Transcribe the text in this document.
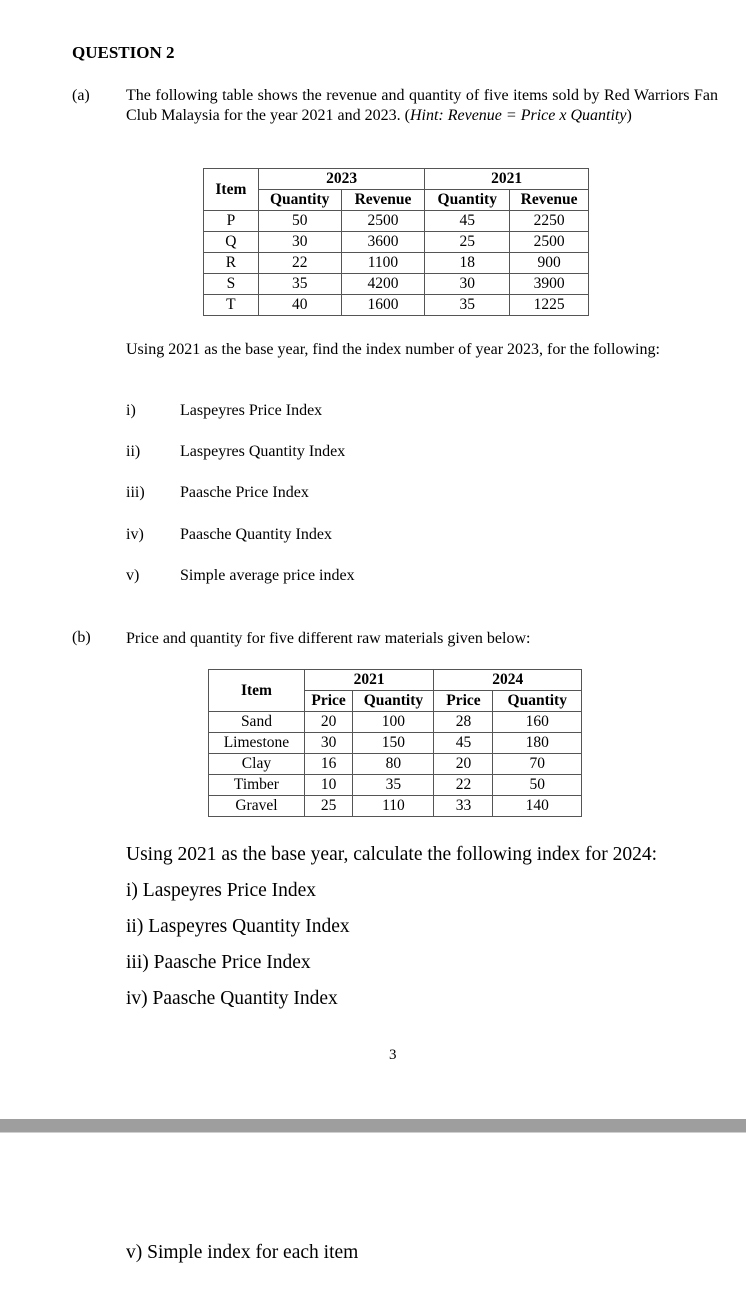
QUESTION 2
(a) The following table shows the revenue and quantity of five items sold by Red Warriors Fan Club Malaysia for the year 2021 and 2023. (Hint: Revenue = Price x Quantity)
Item	2023		2021	
	Quantity	Revenue	Quantity	Revenue
P	50	2500	45	2250
Q	30	3600	25	2500
R	22	1100	18	900
S	35	4200	30	3900
T	40	1600	35	1225
Using 2021 as the base year, find the index number of year 2023, for the following:
i)	Laspeyres Price Index
ii) Laspeyres Quantity Index
iii) Paasche Price Index
iv) Paasche Quantity Index
v)	Simple average price index
(b) Price and quantity for five different raw materials given below:
Item	2021		2024	
	Price	Quantity	Price	Quantity
Sand	20	100	28	160
Limestone	30	150	45	180
Clay	16	80	20	70
Timber	10	35	22	50
Gravel	25	110	33	140
Using 2021 as the base year, calculate the following index for 2024:
i) Laspeyres Price Index
ii) Laspeyres Quantity Index
iii) Paasche Price Index
iv) Paasche Quantity Index
3
v) Simple index for each item
